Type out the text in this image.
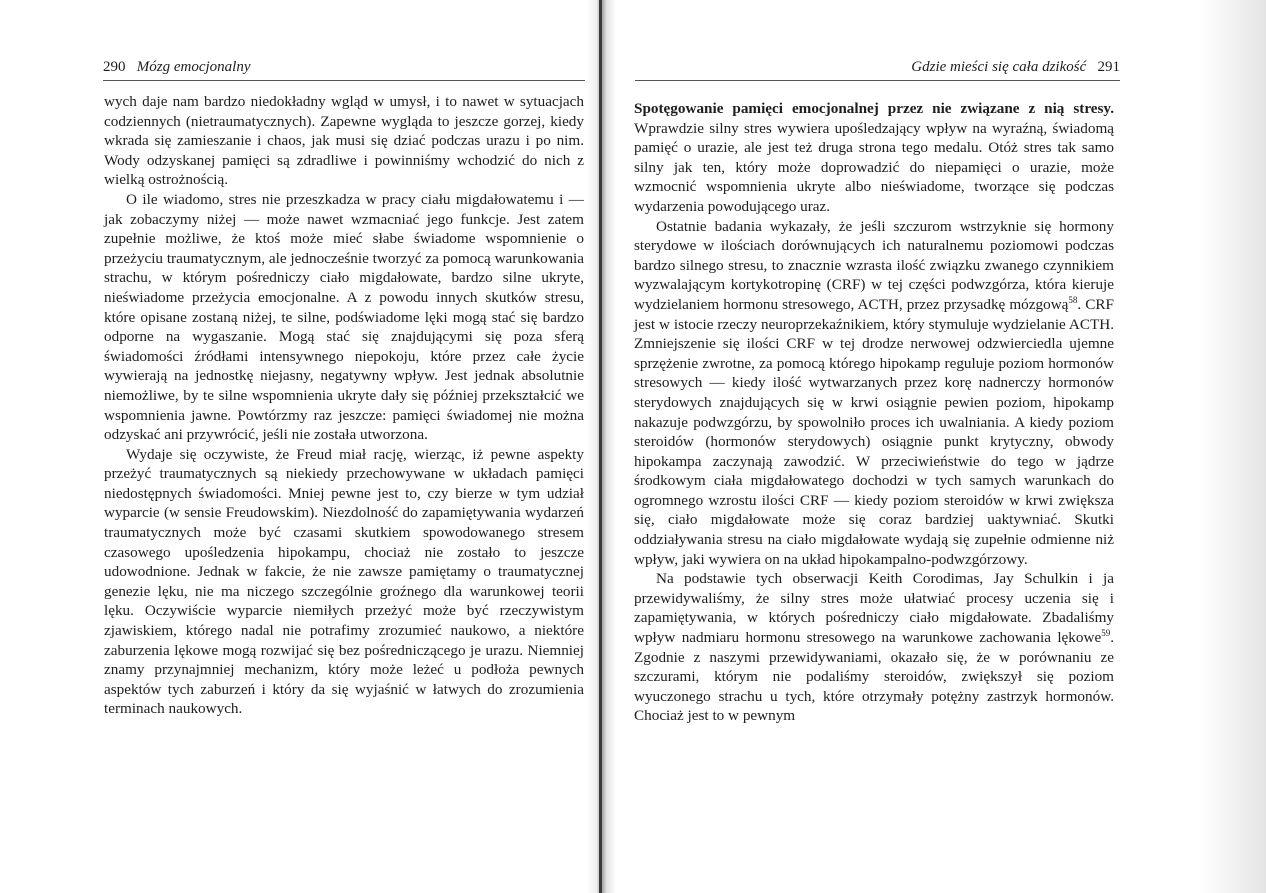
290 Mózg emocjonalny

wych daje nam bardzo niedokładny wgląd w umysł, i to nawet w sytuacjach codziennych (nietraumatycznych). Zapewne wygląda to jeszcze gorzej, kiedy wkrada się zamieszanie i chaos, jak musi się dziać podczas urazu i po nim. Wody odzyskanej pamięci są zdradliwe i powinniśmy wchodzić do nich z wielką ostrożnością.

O ile wiadomo, stres nie przeszkadza w pracy ciału migdałowatemu i — jak zobaczymy niżej — może nawet wzmacniać jego funkcje. Jest zatem zupełnie możliwe, że ktoś może mieć słabe świadome wspomnienie o przeżyciu traumatycznym, ale jednocześnie tworzyć za pomocą warunkowania strachu, w którym pośredniczy ciało migdałowate, bardzo silne ukryte, nieświadome przeżycia emocjonalne. A z powodu innych skutków stresu, które opisane zostaną niżej, te silne, podświadome lęki mogą stać się bardzo odporne na wygaszanie. Mogą stać się znajdującymi się poza sferą świadomości źródłami intensywnego niepokoju, które przez całe życie wywierają na jednostkę niejasny, negatywny wpływ. Jest jednak absolutnie niemożliwe, by te silne wspomnienia ukryte dały się później przekształcić we wspomnienia jawne. Powtórzmy raz jeszcze: pamięci świadomej nie można odzyskać ani przywrócić, jeśli nie została utworzona.

Wydaje się oczywiste, że Freud miał rację, wierząc, iż pewne aspekty przeżyć traumatycznych są niekiedy przechowywane w układach pamięci niedostępnych świadomości. Mniej pewne jest to, czy bierze w tym udział wyparcie (w sensie Freudowskim). Niezdolność do zapamiętywania wydarzeń traumatycznych może być czasami skutkiem spowodowanego stresem czasowego upośledzenia hipokampu, chociaż nie zostało to jeszcze udowodnione. Jednak w fakcie, że nie zawsze pamiętamy o traumatycznej genezie lęku, nie ma niczego szczególnie groźnego dla warunkowej teorii lęku. Oczywiście wyparcie niemiłych przeżyć może być rzeczywistym zjawiskiem, którego nadal nie potrafimy zrozumieć naukowo, a niektóre zaburzenia lękowe mogą rozwijać się bez pośredniczącego je urazu. Niemniej znamy przynajmniej mechanizm, który może leżeć u podłoża pewnych aspektów tych zaburzeń i który da się wyjaśnić w łatwych do zrozumienia terminach naukowych.

Gdzie mieści się cała dzikość 291

Spotęgowanie pamięci emocjonalnej przez nie związane z nią stresy. Wprawdzie silny stres wywiera upośledzający wpływ na wyraźną, świadomą pamięć o urazie, ale jest też druga strona tego medalu. Otóż stres tak samo silny jak ten, który może doprowadzić do niepamięci o urazie, może wzmocnić wspomnienia ukryte albo nieświadome, tworzące się podczas wydarzenia powodującego uraz.

Ostatnie badania wykazały, że jeśli szczurom wstrzyknie się hormony sterydowe w ilościach dorównujących ich naturalnemu poziomowi podczas bardzo silnego stresu, to znacznie wzrasta ilość związku zwanego czynnikiem wyzwalającym kortykotropinę (CRF) w tej części podwzgórza, która kieruje wydzielaniem hormonu stresowego, ACTH, przez przysadkę mózgową$^{58}$. CRF jest w istocie rzeczy neuroprzekaźnikiem, który stymuluje wydzielanie ACTH. Zmniejszenie się ilości CRF w tej drodze nerwowej odzwierciedla ujemne sprzężenie zwrotne, za pomocą którego hipokamp reguluje poziom hormonów stresowych — kiedy ilość wytwarzanych przez korę nadnerczy hormonów sterydowych znajdujących się w krwi osiągnie pewien poziom, hipokamp nakazuje podwzgórzu, by spowolniło proces ich uwalniania. A kiedy poziom steroidów (hormonów sterydowych) osiągnie punkt krytyczny, obwody hipokampa zaczynają zawodzić. W przeciwieństwie do tego w jądrze środkowym ciała migdałowatego dochodzi w tych samych warunkach do ogromnego wzrostu ilości CRF — kiedy poziom steroidów w krwi zwiększa się, ciało migdałowate może się coraz bardziej uaktywniać. Skutki oddziaływania stresu na ciało migdałowate wydają się zupełnie odmienne niż wpływ, jaki wywiera on na układ hipokampalno-podwzgórzowy.

Na podstawie tych obserwacji Keith Corodimas, Jay Schulkin i ja przewidywaliśmy, że silny stres może ułatwiać procesy uczenia się i zapamiętywania, w których pośredniczy ciało migdałowate. Zbadaliśmy wpływ nadmiaru hormonu stresowego na warunkowe zachowania lękowe$^{59}$. Zgodnie z naszymi przewidywaniami, okazało się, że w porównaniu ze szczurami, którym nie podaliśmy steroidów, zwiększył się poziom wyuczonego strachu u tych, które otrzymały potężny zastrzyk hormonów. Chociaż jest to w pewnym
